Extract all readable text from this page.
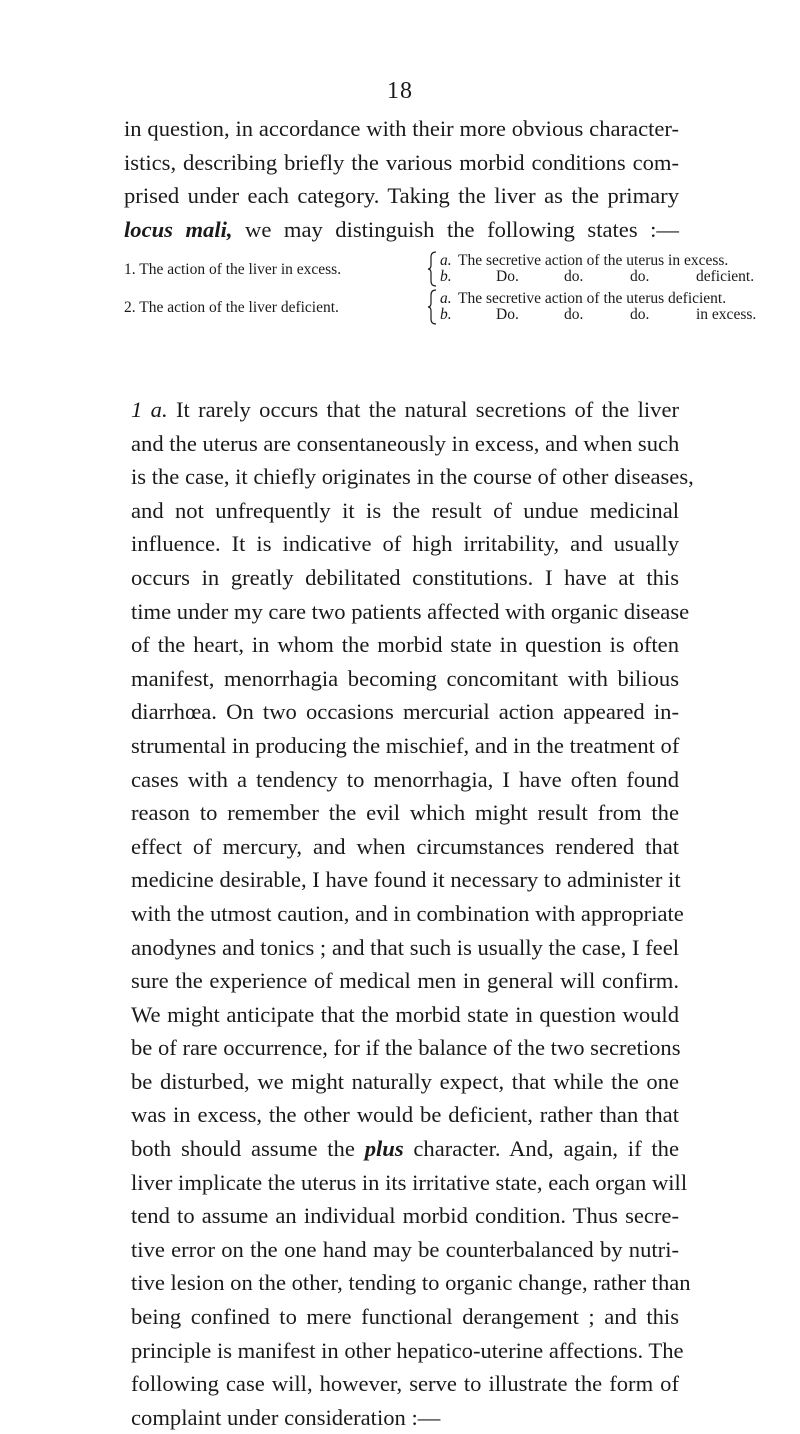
18

in question, in accordance with their more obvious character-
istics, describing briefly the various morbid conditions com-
prised under each category. Taking the liver as the primary
locus mali, we may distinguish the following states :—

1. The action of the liver in excess.
a. The secretive action of the uterus in excess.
b.	Do.	do.	do.	deficient.
2. The action of the liver deficient.
a. The secretive action of the uterus deficient.
b.	Do.	do.	do.	in excess.

1 a. It rarely occurs that the natural secretions of the liver
and the uterus are consentaneously in excess, and when such
is the case, it chiefly originates in the course of other diseases,
and not unfrequently it is the result of undue medicinal
influence. It is indicative of high irritability, and usually
occurs in greatly debilitated constitutions. I have at this
time under my care two patients affected with organic disease
of the heart, in whom the morbid state in question is often
manifest, menorrhagia becoming concomitant with bilious
diarrhœa. On two occasions mercurial action appeared in-
strumental in producing the mischief, and in the treatment of
cases with a tendency to menorrhagia, I have often found
reason to remember the evil which might result from the
effect of mercury, and when circumstances rendered that
medicine desirable, I have found it necessary to administer it
with the utmost caution, and in combination with appropriate
anodynes and tonics ; and that such is usually the case, I feel
sure the experience of medical men in general will confirm.
We might anticipate that the morbid state in question would
be of rare occurrence, for if the balance of the two secretions
be disturbed, we might naturally expect, that while the one
was in excess, the other would be deficient, rather than that
both should assume the plus character. And, again, if the
liver implicate the uterus in its irritative state, each organ will
tend to assume an individual morbid condition. Thus secre-
tive error on the one hand may be counterbalanced by nutri-
tive lesion on the other, tending to organic change, rather than
being confined to mere functional derangement ; and this
principle is manifest in other hepatico-uterine affections. The
following case will, however, serve to illustrate the form of
complaint under consideration :—
